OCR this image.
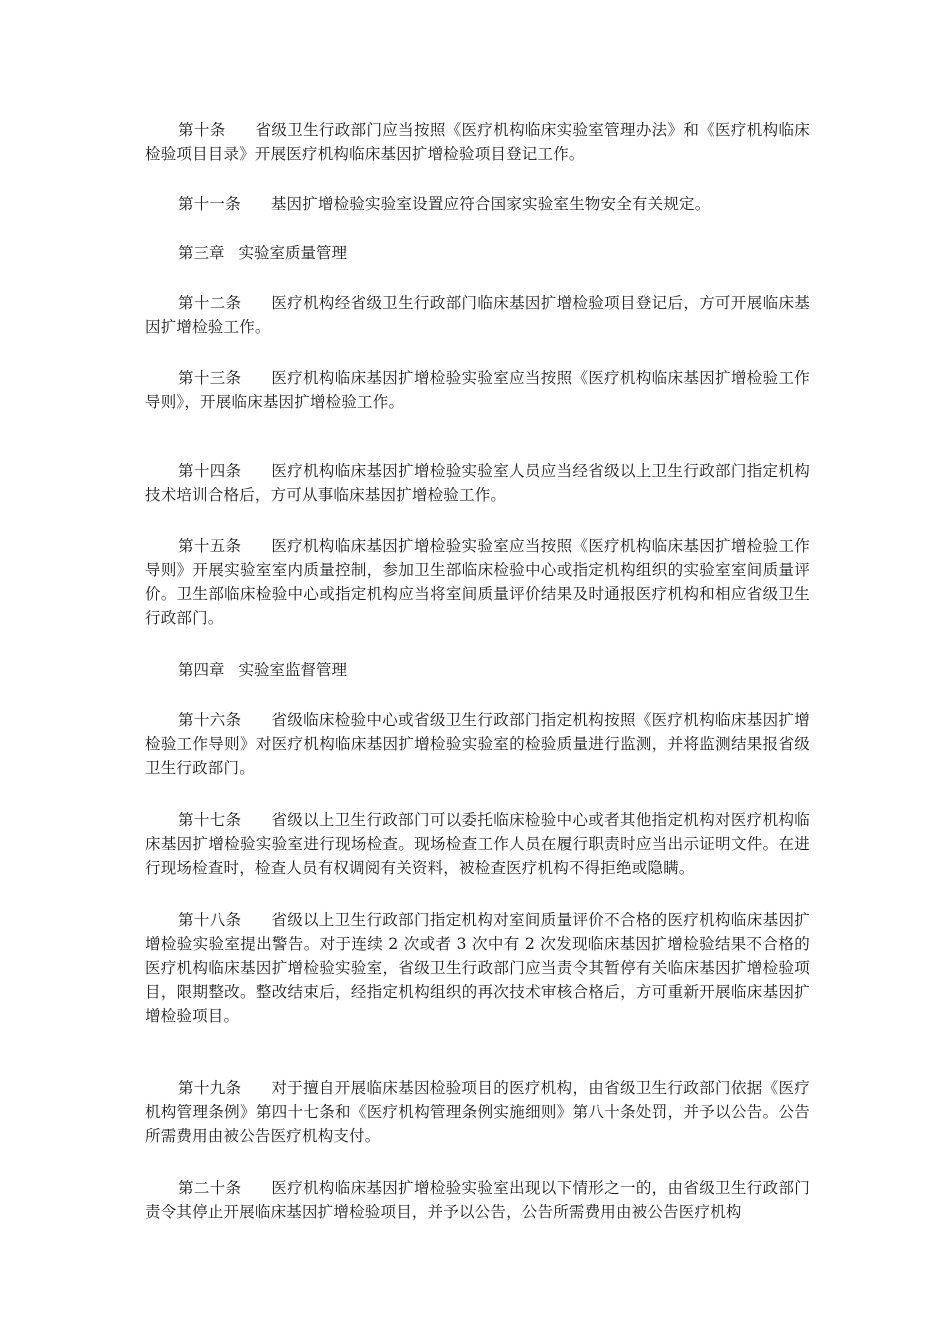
第十条 省级卫生行政部门应当按照《医疗机构临床实验室管理办法》和《医疗机构临床检验项目目录》开展医疗机构临床基因扩增检验项目登记工作。

第十一条 基因扩增检验实验室设置应符合国家实验室生物安全有关规定。

第三章 实验室质量管理

第十二条 医疗机构经省级卫生行政部门临床基因扩增检验项目登记后，方可开展临床基因扩增检验工作。

第十三条 医疗机构临床基因扩增检验实验室应当按照《医疗机构临床基因扩增检验工作导则》，开展临床基因扩增检验工作。

第十四条 医疗机构临床基因扩增检验实验室人员应当经省级以上卫生行政部门指定机构技术培训合格后，方可从事临床基因扩增检验工作。

第十五条 医疗机构临床基因扩增检验实验室应当按照《医疗机构临床基因扩增检验工作导则》开展实验室室内质量控制，参加卫生部临床检验中心或指定机构组织的实验室室间质量评价。卫生部临床检验中心或指定机构应当将室间质量评价结果及时通报医疗机构和相应省级卫生行政部门。

第四章 实验室监督管理

第十六条 省级临床检验中心或省级卫生行政部门指定机构按照《医疗机构临床基因扩增检验工作导则》对医疗机构临床基因扩增检验实验室的检验质量进行监测，并将监测结果报省级卫生行政部门。

第十七条 省级以上卫生行政部门可以委托临床检验中心或者其他指定机构对医疗机构临床基因扩增检验实验室进行现场检查。现场检查工作人员在履行职责时应当出示证明文件。在进行现场检查时，检查人员有权调阅有关资料，被检查医疗机构不得拒绝或隐瞒。

第十八条 省级以上卫生行政部门指定机构对室间质量评价不合格的医疗机构临床基因扩增检验实验室提出警告。对于连续 2 次或者 3 次中有 2 次发现临床基因扩增检验结果不合格的医疗机构临床基因扩增检验实验室，省级卫生行政部门应当责令其暂停有关临床基因扩增检验项目，限期整改。整改结束后，经指定机构组织的再次技术审核合格后，方可重新开展临床基因扩增检验项目。

第十九条 对于擅自开展临床基因检验项目的医疗机构，由省级卫生行政部门依据《医疗机构管理条例》第四十七条和《医疗机构管理条例实施细则》第八十条处罚，并予以公告。公告所需费用由被公告医疗机构支付。

第二十条 医疗机构临床基因扩增检验实验室出现以下情形之一的，由省级卫生行政部门责令其停止开展临床基因扩增检验项目，并予以公告，公告所需费用由被公告医疗机构
